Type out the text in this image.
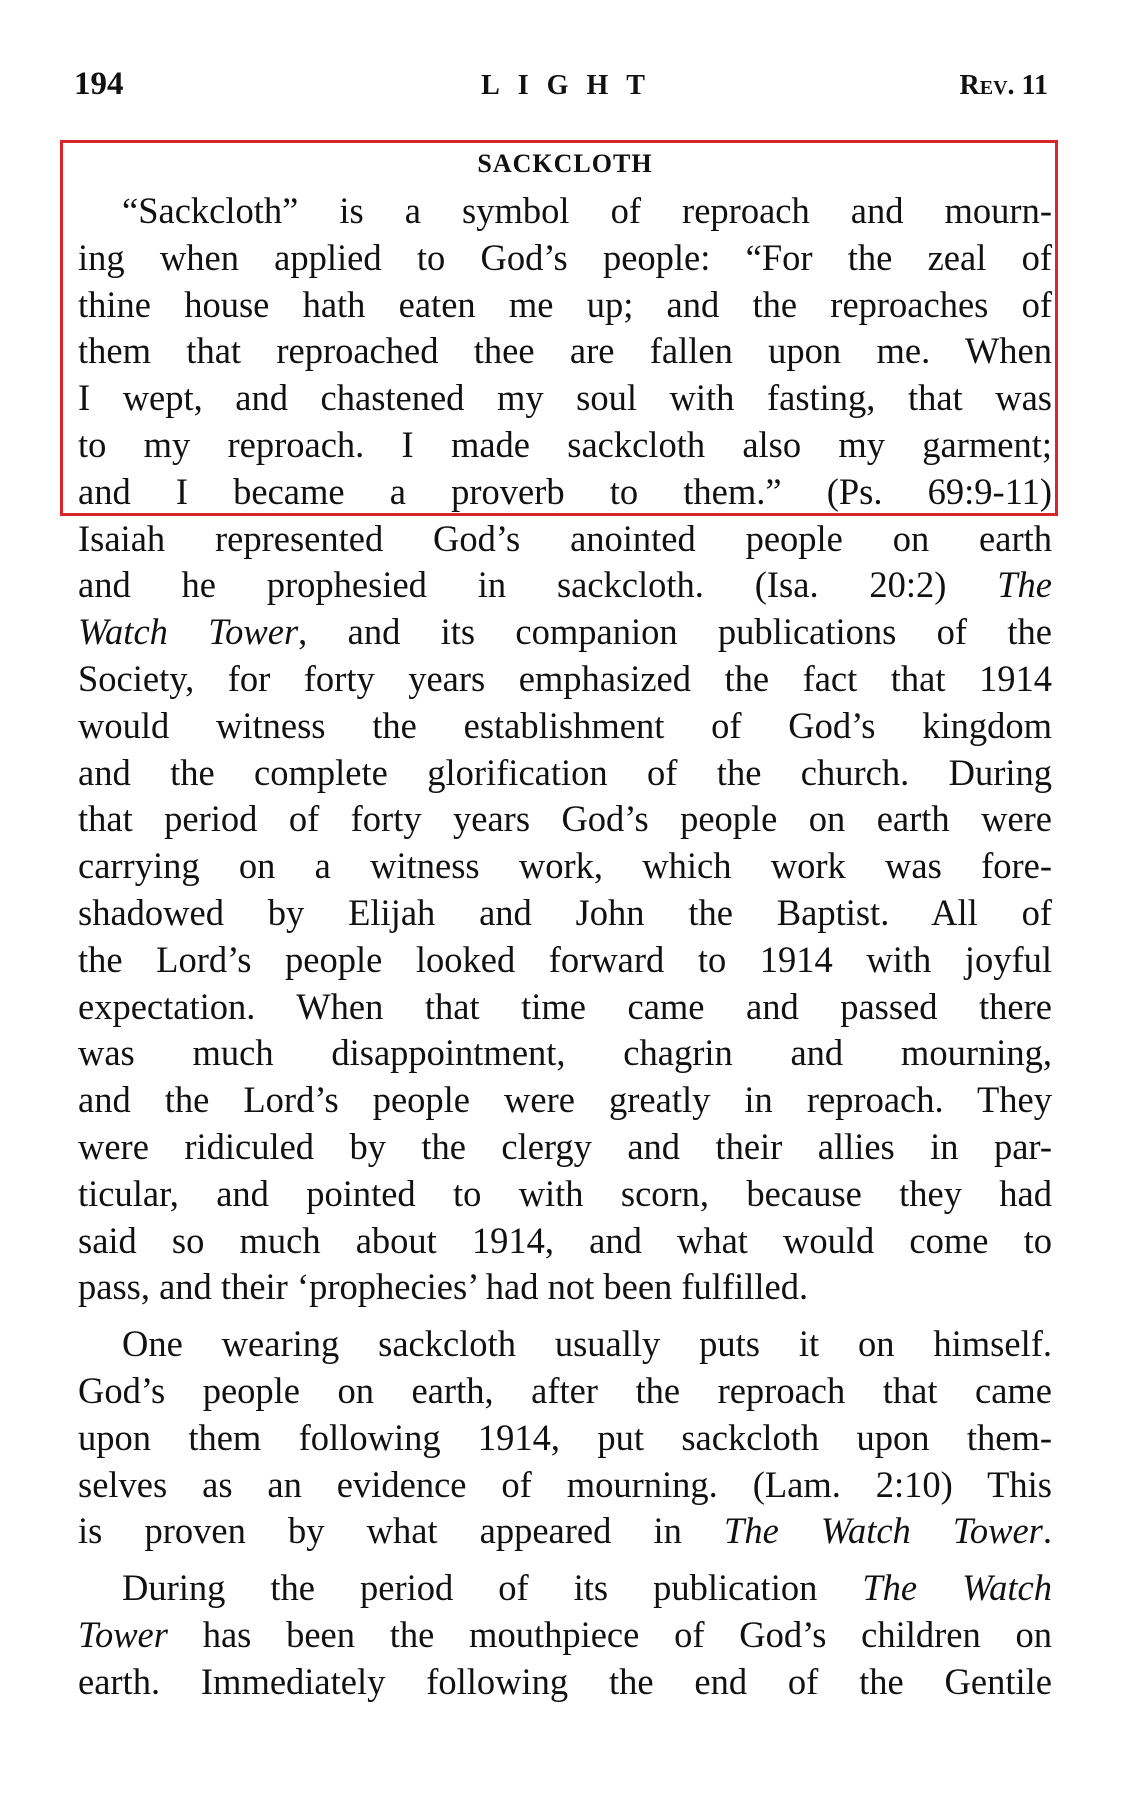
194	LIGHT	Rev. 11
SACKCLOTH

“Sackcloth” is a symbol of reproach and mourn-
ing when applied to God’s people: “For the zeal of
thine house hath eaten me up; and the reproaches of
them that reproached thee are fallen upon me. When
I wept, and chastened my soul with fasting, that was
to my reproach. I made sackcloth also my garment;
and I became a proverb to them.” (Ps. 69:9-11)
Isaiah represented God’s anointed people on earth
and he prophesied in sackcloth. (Isa. 20:2) The
Watch Tower, and its companion publications of the
Society, for forty years emphasized the fact that 1914
would witness the establishment of God’s kingdom
and the complete glorification of the church. During
that period of forty years God’s people on earth were
carrying on a witness work, which work was fore-
shadowed by Elijah and John the Baptist. All of
the Lord’s people looked forward to 1914 with joyful
expectation. When that time came and passed there
was much disappointment, chagrin and mourning,
and the Lord’s people were greatly in reproach. They
were ridiculed by the clergy and their allies in par-
ticular, and pointed to with scorn, because they had
said so much about 1914, and what would come to
pass, and their ‘prophecies’ had not been fulfilled.

One wearing sackcloth usually puts it on himself.
God’s people on earth, after the reproach that came
upon them following 1914, put sackcloth upon them-
selves as an evidence of mourning. (Lam. 2:10) This
is proven by what appeared in The Watch Tower.

During the period of its publication The Watch
Tower has been the mouthpiece of God’s children on
earth. Immediately following the end of the Gentile
